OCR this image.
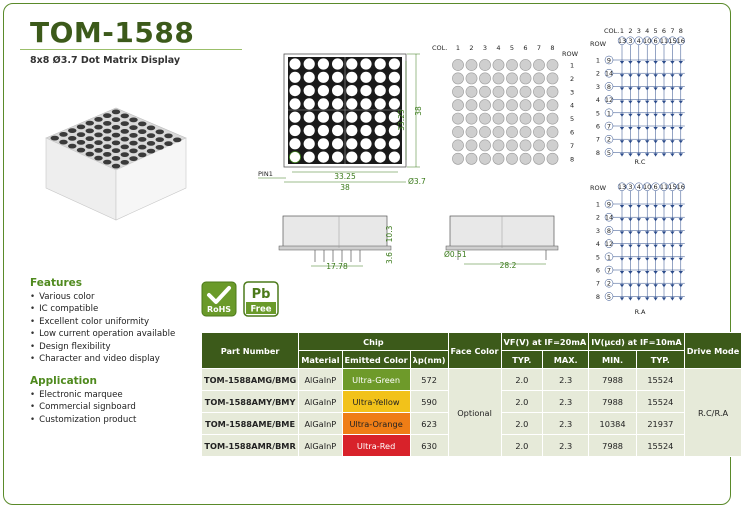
TOM-1588
8x8 Ø3.7 Dot Matrix Display
Features
• Various color
• IC compatible
• Excellent color uniformity
• Low current operation available
• Design flexibility
• Character and video display
Application
• Electronic marquee
• Commercial signboard
• Customization product
RoHS
Pb
Free
33.25 38
33.25
38
Ø3.7
PIN1
17.78
10.3
3.6	Ø0.51
28.2
COL.
ROW
1 2 3 4 5 6 7 8
1
2
3
4
5
6
7
8
COL.
ROW
1 2 3 4 5 6 7 8
13 3 4 10 6 11 15 16
1
2
3
4
5
6
7
8
9
14
8
12
1
7
2
5
R.C
ROW 13 3 4 10 6 11 15 16
1
2
3
4
5
6
7
8
9
14
8
12
1
7
2
5
R.A
Part Number	Chip			Face Color	VF(V) at IF=20mA		IV(μcd) at IF=10mA		Drive Mode
	Material	Emitted Color	λp(nm)		TYP.	MAX.	MIN.	TYP.	
TOM-1588AMG/BMG	AlGaInP	Ultra-Green	572	Optional	2.0	2.3	7988	15524	R.C/R.A
TOM-1588AMY/BMY	AlGaInP	Ultra-Yellow	590		2.0	2.3	7988	15524	
TOM-1588AME/BME	AlGaInP	Ultra-Orange	623		2.0	2.3	10384	21937	
TOM-1588AMR/BMR	AlGaInP	Ultra-Red	630		2.0	2.3	7988	15524	
